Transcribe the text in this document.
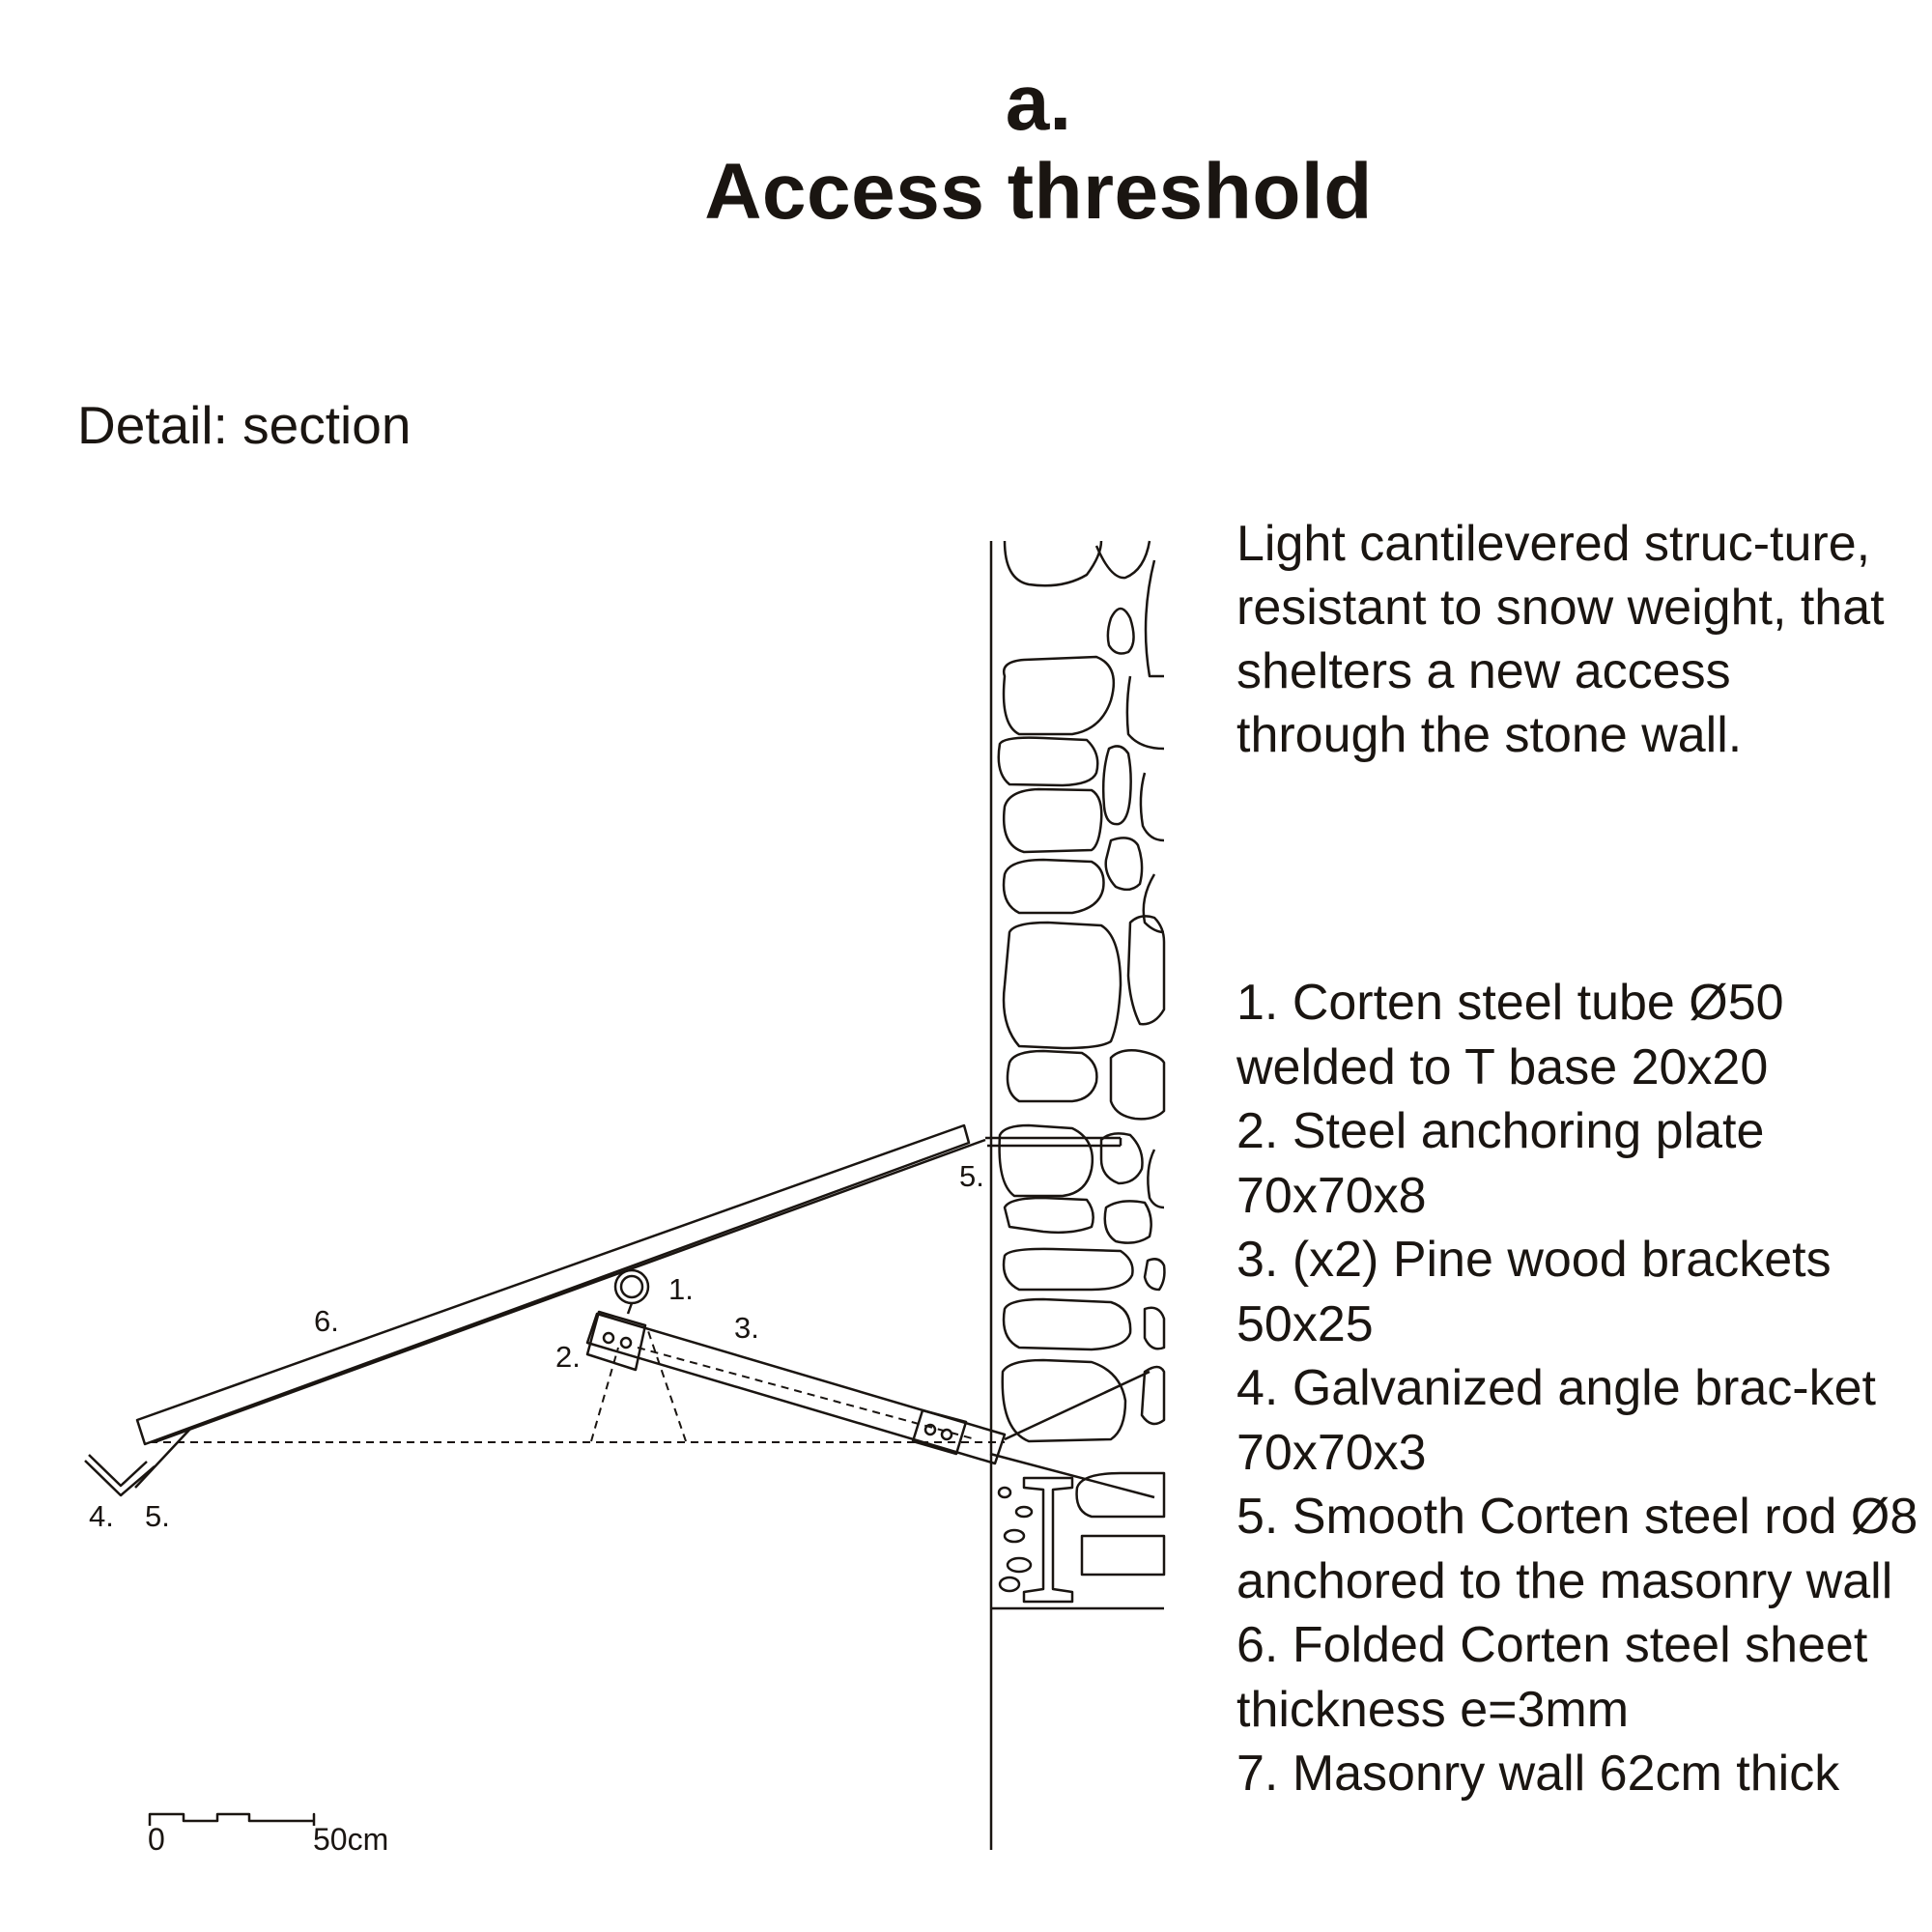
a.
Access threshold
Detail: section
Light cantilevered struc-ture, resistant to snow weight, that shelters a new access through the stone wall.
1. Corten steel tube Ø50 welded to T base 20x20
2. Steel anchoring plate 70x70x8
3. (x2) Pine wood brackets 50x25
4. Galvanized angle brac-ket 70x70x3
5. Smooth Corten steel rod Ø8 anchored to the masonry wall
6. Folded Corten steel sheet thickness e=3mm
7. Masonry wall 62cm thick
1.
2.
3.
4. 5.
5.
6.
0	50cm
